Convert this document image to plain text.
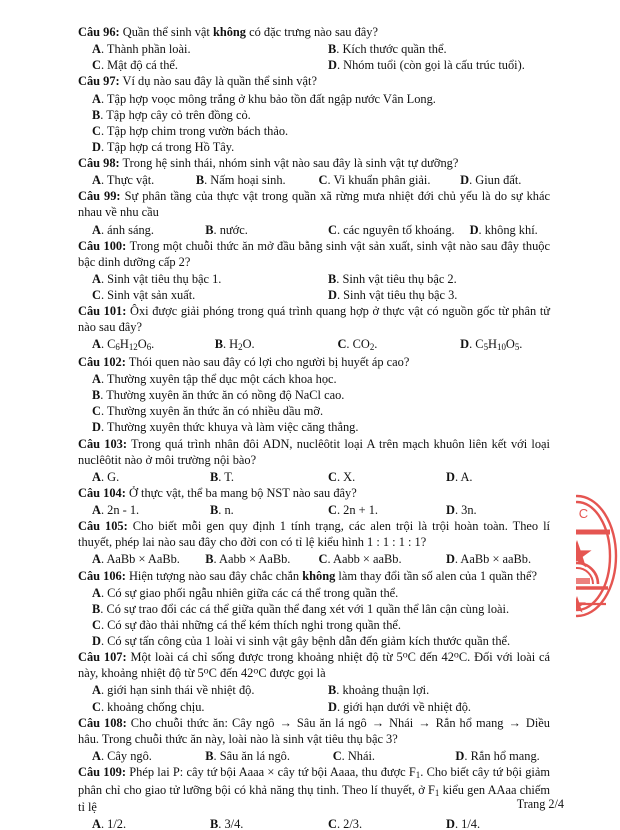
Câu 96: Quần thể sinh vật không có đặc trưng nào sau đây?

A. Thành phần loài.	B. Kích thước quần thể.
C. Mật độ cá thể.	D. Nhóm tuổi (còn gọi là cấu trúc tuổi).

Câu 97: Ví dụ nào sau đây là quần thể sinh vật?

A. Tập hợp voọc mông trắng ở khu bảo tồn đất ngập nước Vân Long.
B. Tập hợp cây cỏ trên đồng cỏ.
C. Tập hợp chim trong vườn bách thảo.
D. Tập hợp cá trong Hồ Tây.

Câu 98: Trong hệ sinh thái, nhóm sinh vật nào sau đây là sinh vật tự dưỡng?

A. Thực vật.	B. Nấm hoại sinh.	C. Vi khuẩn phân giải.	D. Giun đất.

Câu 99: Sự phân tầng của thực vật trong quần xã rừng mưa nhiệt đới chủ yếu là do sự khác nhau về nhu cầu

A. ánh sáng.	B. nước.	C. các nguyên tố khoáng.	D. không khí.

Câu 100: Trong một chuỗi thức ăn mở đầu bằng sinh vật sản xuất, sinh vật nào sau đây thuộc bậc dinh dưỡng cấp 2?

A. Sinh vật tiêu thụ bậc 1.	B. Sinh vật tiêu thụ bậc 2.
C. Sinh vật sản xuất.	D. Sinh vật tiêu thụ bậc 3.

Câu 101: Ôxi được giải phóng trong quá trình quang hợp ở thực vật có nguồn gốc từ phân tử nào sau đây?

A. $C_6H_{12}O_6$.	B. $H_2O$.	C. $CO_2$.	D. $C_5H_{10}O_5$.

Câu 102: Thói quen nào sau đây có lợi cho người bị huyết áp cao?

A. Thường xuyên tập thể dục một cách khoa học.
B. Thường xuyên ăn thức ăn có nồng độ NaCl cao.
C. Thường xuyên ăn thức ăn có nhiều dầu mỡ.
D. Thường xuyên thức khuya và làm việc căng thẳng.

Câu 103: Trong quá trình nhân đôi ADN, nuclêôtit loại A trên mạch khuôn liên kết với loại nuclêôtit nào ở môi trường nội bào?

A. G.	B. T.	C. X.	D. A.

Câu 104: Ở thực vật, thể ba mang bộ NST nào sau đây?

A. 2n - 1.	B. n.	C. 2n + 1.	D. 3n.

Câu 105: Cho biết mỗi gen quy định 1 tính trạng, các alen trội là trội hoàn toàn. Theo lí thuyết, phép lai nào sau đây cho đời con có tỉ lệ kiểu hình 1 : 1 : 1 : 1?

A. AaBb × AaBb.	B. Aabb × AaBb.	C. Aabb × aaBb.	D. AaBb × aaBb.

Câu 106: Hiện tượng nào sau đây chắc chắn không làm thay đổi tần số alen của 1 quần thể?

A. Có sự giao phối ngẫu nhiên giữa các cá thể trong quần thể.
B. Có sự trao đổi các cá thể giữa quần thể đang xét với 1 quần thể lân cận cùng loài.
C. Có sự đào thải những cá thể kém thích nghi trong quần thể.
D. Có sự tấn công của 1 loài vi sinh vật gây bệnh dẫn đến giảm kích thước quần thể.

Câu 107: Một loài cá chỉ sống được trong khoảng nhiệt độ từ 5$^o$C đến 42$^o$C. Đối với loài cá này, khoảng nhiệt độ từ 5$^o$C đến 42$^o$C được gọi là

A. giới hạn sinh thái về nhiệt độ.	B. khoảng thuận lợi.
C. khoảng chống chịu.	D. giới hạn dưới về nhiệt độ.

Câu 108: Cho chuỗi thức ăn: Cây ngô → Sâu ăn lá ngô → Nhái → Rắn hổ mang → Diều hâu. Trong chuỗi thức ăn này, loài nào là sinh vật tiêu thụ bậc 3?

A. Cây ngô.	B. Sâu ăn lá ngô.	C. Nhái.	D. Rắn hổ mang.

Câu 109: Phép lai P: cây tứ bội Aaaa × cây tứ bội Aaaa, thu được $F_1$. Cho biết cây tứ bội giảm phân chỉ cho giao tử lưỡng bội có khả năng thụ tinh. Theo lí thuyết, ở $F_1$ kiểu gen AAaa chiếm tỉ lệ

A. 1/2.	B. 3/4.	C. 2/3.	D. 1/4.
U C
Trang 2/4
